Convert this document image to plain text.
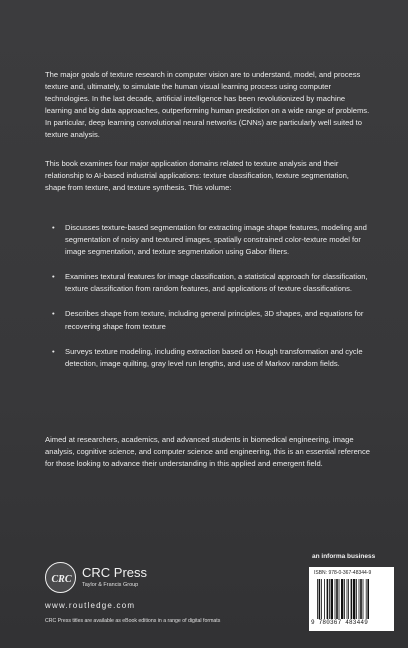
The major goals of texture research in computer vision are to understand, model, and process texture and, ultimately, to simulate the human visual learning process using computer technologies. In the last decade, artificial intelligence has been revolutionized by machine learning and big data approaches, outperforming human prediction on a wide range of problems. In particular, deep learning convolutional neural networks (CNNs) are particularly well suited to texture analysis.

This book examines four major application domains related to texture analysis and their relationship to AI-based industrial applications: texture classification, texture segmentation, shape from texture, and texture synthesis. This volume:

• Discusses texture-based segmentation for extracting image shape features, modeling and segmentation of noisy and textured images, spatially constrained color-texture model for image segmentation, and texture segmentation using Gabor filters.
• Examines textural features for image classification, a statistical approach for classification, texture classification from random features, and applications of texture classifications.
• Describes shape from texture, including general principles, 3D shapes, and equations for recovering shape from texture
• Surveys texture modeling, including extraction based on Hough transformation and cycle detection, image quilting, gray level run lengths, and use of Markov random fields.

Aimed at researchers, academics, and advanced students in biomedical engineering, image analysis, cognitive science, and computer science and engineering, this is an essential reference for those looking to advance their understanding in this applied and emergent field.

CRC CRC Press
Taylor & Francis Group
www.routledge.com
CRC Press titles are available as eBook editions in a range of digital formats
an informa business
ISBN: 978-0-367-48344-9
9 780367 483449
